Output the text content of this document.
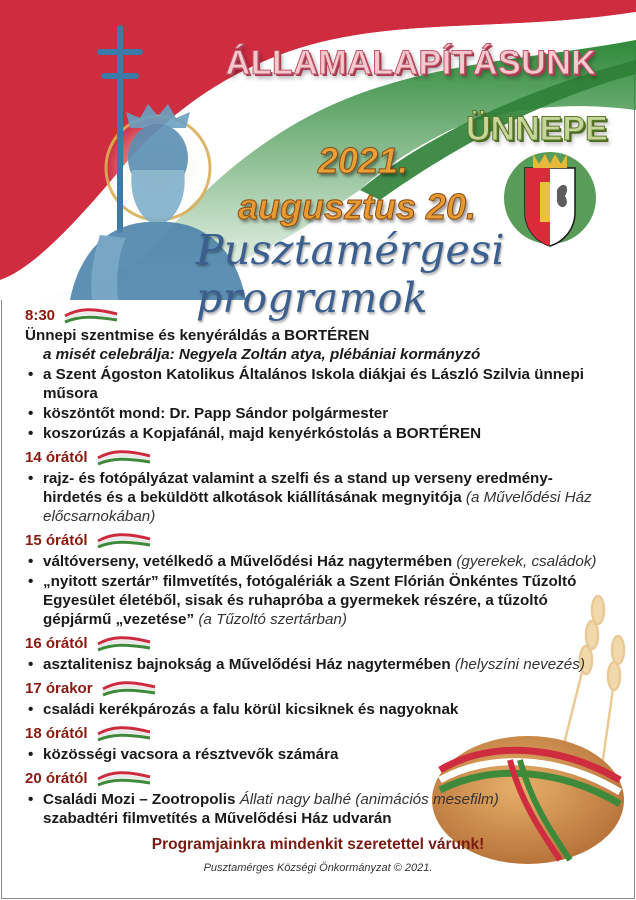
ÁLLAMALAPÍTÁSUNK
ÜNNEPE
2021.
augusztus 20.
Pusztamérgesi programok
8:30
Ünnepi szentmise és kenyéráldás a BORTÉREN
a misét celebrálja: Negyela Zoltán atya, plébániai kormányzó
• a Szent Ágoston Katolikus Általános Iskola diákjai és László Szilvia ünnepi műsora
• köszöntőt mond: Dr. Papp Sándor polgármester
• koszorúzás a Kopjafánál, majd kenyérkóstolás a BORTÉREN
14 órától
• rajz- és fotópályázat valamint a szelfi és a stand up verseny eredmény-hirdetés és a beküldött alkotások kiállításának megnyitója (a Művelődési Ház előcsarnokában)
15 órától
• váltóverseny, vetélkedő a Művelődési Ház nagytermében (gyerekek, családok)
• „nyitott szertár” filmvetítés, fotógalériák a Szent Flórián Önkéntes Tűzoltó Egyesület életéből, sisak és ruhapróba a gyermekek részére, a tűzoltó gépjármű „vezetése” (a Tűzoltó szertárban)
16 órától
• asztalitenisz bajnokság a Művelődési Ház nagytermében (helyszíni nevezés)
17 órakor
• családi kerékpározás a falu körül kicsiknek és nagyoknak
18 órától
• közösségi vacsora a résztvevők számára
20 órától
• Családi Mozi – Zootropolis Állati nagy balhé (animációs mesefilm)
szabadtéri filmvetítés a Művelődési Ház udvarán
Programjainkra mindenkit szeretettel várunk!
Pusztamérges Községi Önkormányzat © 2021.
